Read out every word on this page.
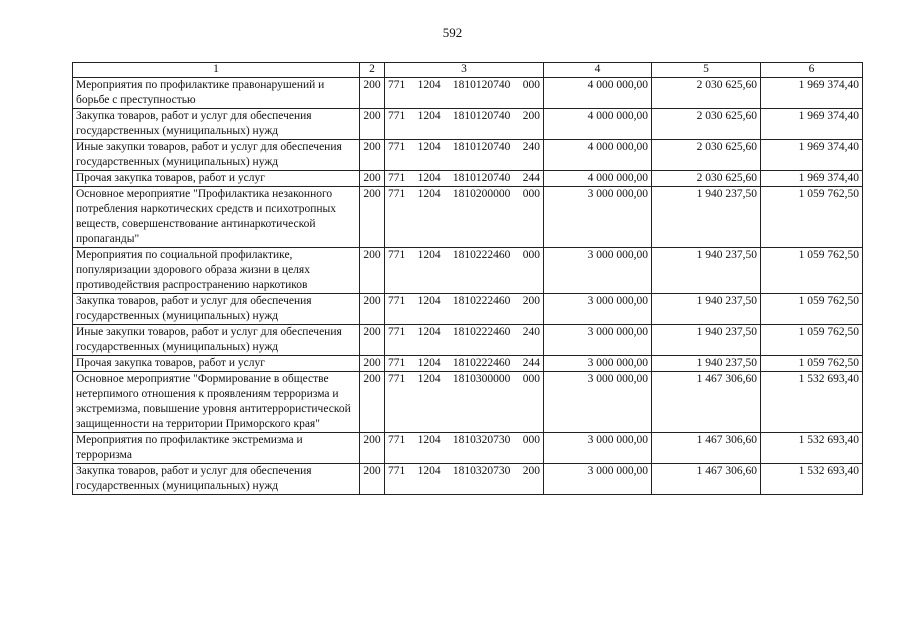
592
1	2	3	4	5	6
Мероприятия по профилактике правонарушений и борьбе с преступностью	200	771 1204 1810120740 000	4 000 000,00	2 030 625,60	1 969 374,40
Закупка товаров, работ и услуг для обеспечения государственных (муниципальных) нужд	200	771 1204 1810120740 200	4 000 000,00	2 030 625,60	1 969 374,40
Иные закупки товаров, работ и услуг для обеспечения государственных (муниципальных) нужд	200	771 1204 1810120740 240	4 000 000,00	2 030 625,60	1 969 374,40
Прочая закупка товаров, работ и услуг	200	771 1204 1810120740 244	4 000 000,00	2 030 625,60	1 969 374,40
Основное мероприятие "Профилактика незаконного потребления наркотических средств и психотропных веществ, совершенствование антинаркотической пропаганды"	200	771 1204 1810200000 000	3 000 000,00	1 940 237,50	1 059 762,50
Мероприятия по социальной профилактике, популяризации здорового образа жизни в целях противодействия распространению наркотиков	200	771 1204 1810222460 000	3 000 000,00	1 940 237,50	1 059 762,50
Закупка товаров, работ и услуг для обеспечения государственных (муниципальных) нужд	200	771 1204 1810222460 200	3 000 000,00	1 940 237,50	1 059 762,50
Иные закупки товаров, работ и услуг для обеспечения государственных (муниципальных) нужд	200	771 1204 1810222460 240	3 000 000,00	1 940 237,50	1 059 762,50
Прочая закупка товаров, работ и услуг	200	771 1204 1810222460 244	3 000 000,00	1 940 237,50	1 059 762,50
Основное мероприятие "Формирование в обществе нетерпимого отношения к проявлениям терроризма и экстремизма, повышение уровня антитеррористической защищенности на территории Приморского края"	200	771 1204 1810300000 000	3 000 000,00	1 467 306,60	1 532 693,40
Мероприятия по профилактике экстремизма и терроризма	200	771 1204 1810320730 000	3 000 000,00	1 467 306,60	1 532 693,40
Закупка товаров, работ и услуг для обеспечения государственных (муниципальных) нужд	200	771 1204 1810320730 200	3 000 000,00	1 467 306,60	1 532 693,40
